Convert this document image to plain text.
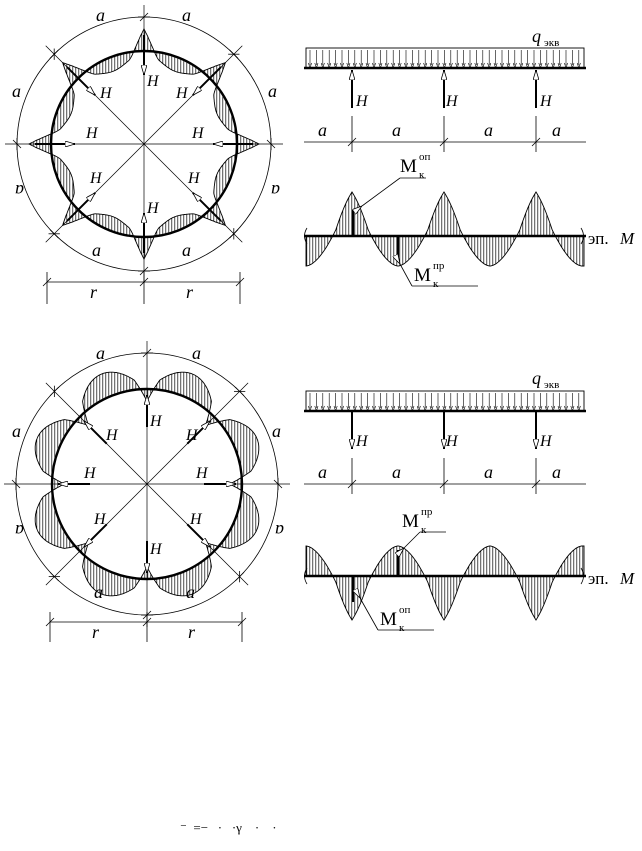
r	r
a	a
a	a
a	a
a	a
H
H
H	H
H	H
H	H
r	r
a	a
a	a
a	a
a	a
H
H
H	H
H	H
H	H
q экв
H	H	H
a	a	a	a
M оп
к
M пр
к
эп. M
q экв
H	H	H
a	a	a	a
M пр
к
M оп
к
эп. M
⁻  =−   ·   ·γ    ·    ·
